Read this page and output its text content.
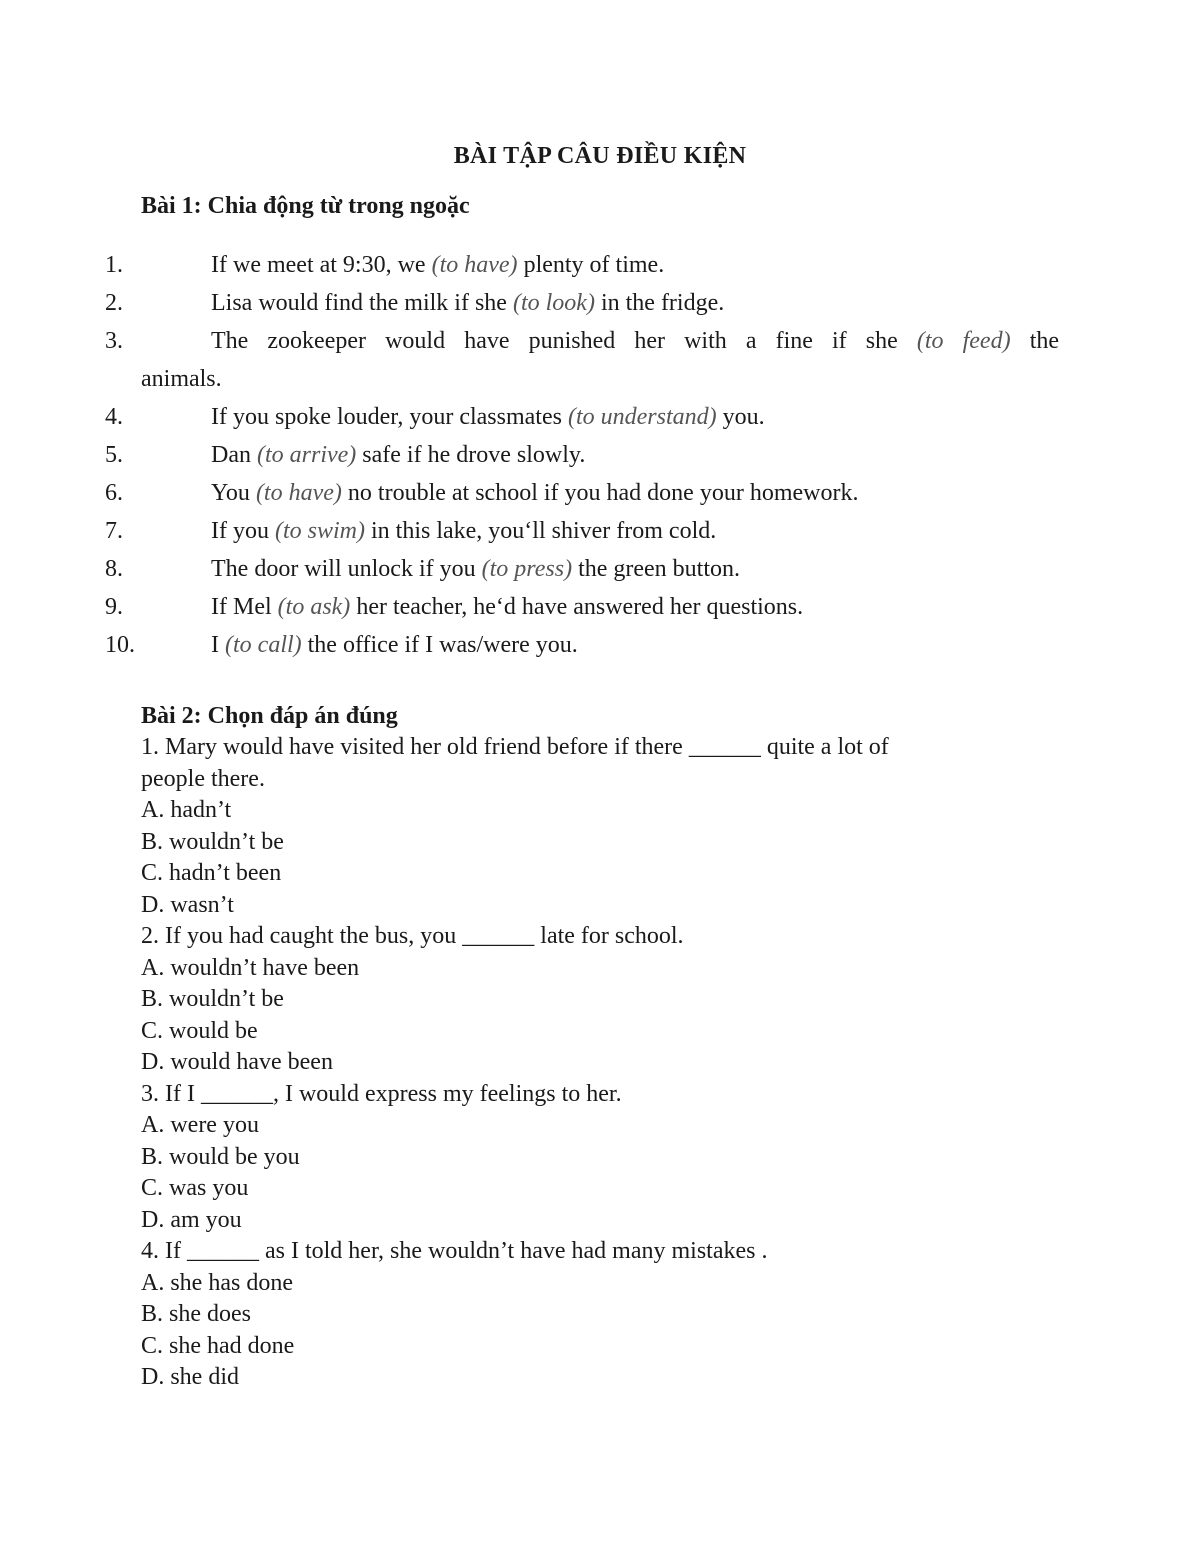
BÀI TẬP CÂU ĐIỀU KIỆN
Bài 1: Chia động từ trong ngoặc
1.	If we meet at 9:30, we (to have) plenty of time.
2.	Lisa would find the milk if she (to look) in the fridge.
3.	The zookeeper would have punished her with a fine if she (to feed) the
animals.
4.	If you spoke louder, your classmates (to understand) you.
5.	Dan (to arrive) safe if he drove slowly.
6.	You (to have) no trouble at school if you had done your homework.
7.	If you (to swim) in this lake, you‘ll shiver from cold.
8.	The door will unlock if you (to press) the green button.
9.	If Mel (to ask) her teacher, he‘d have answered her questions.
10.	I (to call) the office if I was/were you.
Bài 2: Chọn đáp án đúng
1. Mary would have visited her old friend before if there ______ quite a lot of
people there.
A. hadn’t
B. wouldn’t be
C. hadn’t been
D. wasn’t
2. If you had caught the bus, you ______ late for school.
A. wouldn’t have been
B. wouldn’t be
C. would be
D. would have been
3. If I ______, I would express my feelings to her.
A. were you
B. would be you
C. was you
D. am you
4. If ______ as I told her, she wouldn’t have had many mistakes .
A. she has done
B. she does
C. she had done
D. she did
